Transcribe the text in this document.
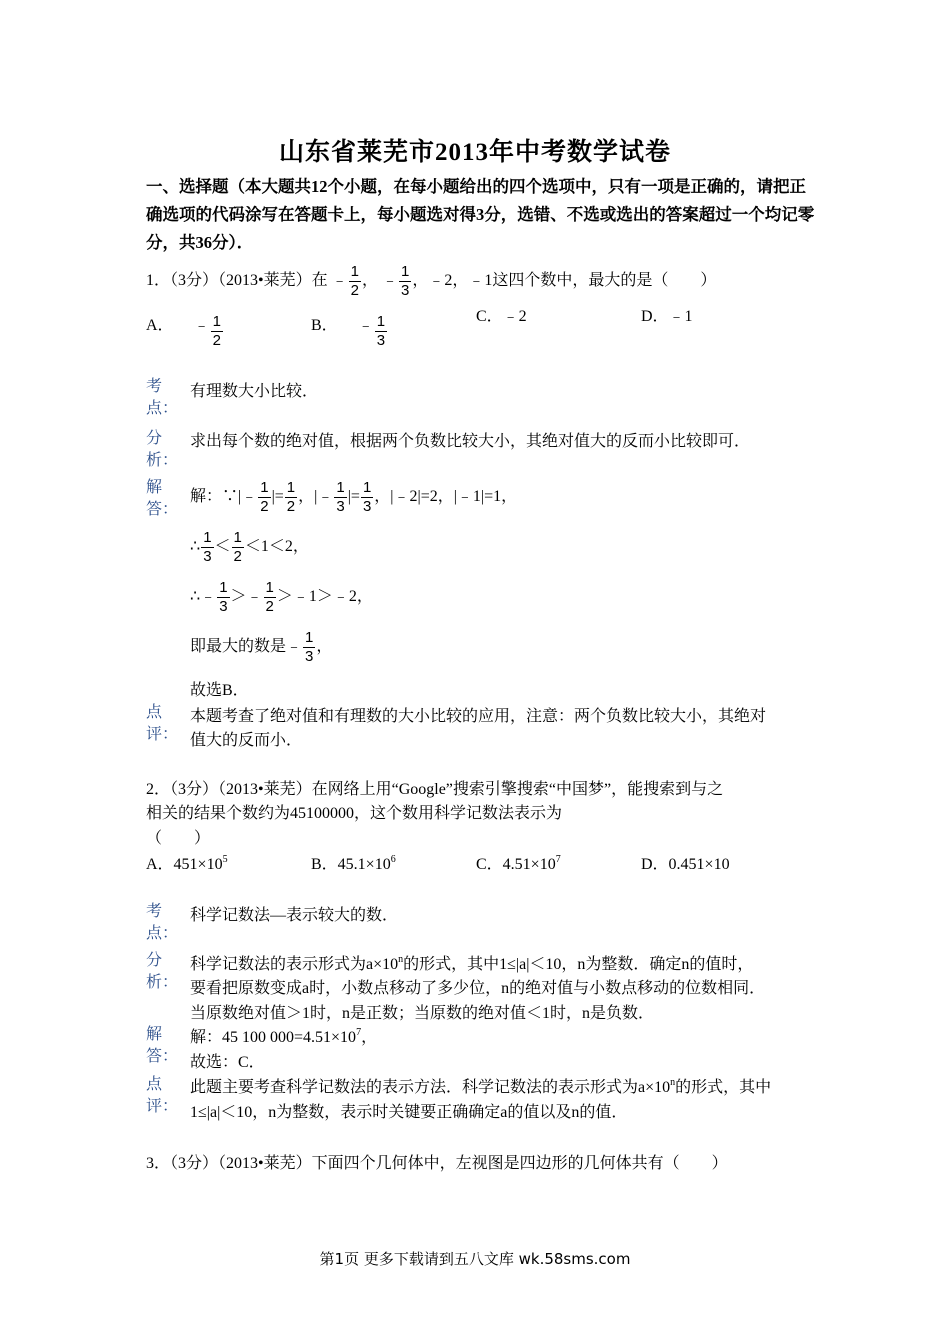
山东省莱芜市2013年中考数学试卷
一、选择题（本大题共12个小题，在每小题给出的四个选项中，只有一项是正确的，请把正确选项的代码涂写在答题卡上，每小题选对得3分，选错、不选或选出的答案超过一个均记零分，共36分）．
1．（3分）（2013•莱芜）在 ﹣ $\frac{1}{2}$ ， ﹣ $\frac{1}{3}$ ，﹣2，﹣1这四个数中，最大的是（　　）
A． ﹣ $\frac{1}{2}$	B． ﹣ $\frac{1}{3}$	C．﹣2	D．﹣1
考点：
有理数大小比较．
分析：
求出每个数的绝对值，根据两个负数比较大小，其绝对值大的反而小比较即可．
解答：
解：∵|﹣ $\frac{1}{2}$ |= $\frac{1}{2}$ ，|﹣ $\frac{1}{3}$ |= $\frac{1}{3}$ ，|﹣2|=2，|﹣1|=1，
∴ $\frac{1}{3} < \frac{1}{2} <1<2$，
∴﹣ $\frac{1}{3}$ ＞﹣ $\frac{1}{2}$ ＞﹣1＞﹣2，
即最大的数是﹣ $\frac{1}{3}$ ，
故选B．
点评：
本题考查了绝对值和有理数的大小比较的应用，注意：两个负数比较大小，其绝对
值大的反而小．
2．（3分）（2013•莱芜）在网络上用“Google”搜索引擎搜索“中国梦”，能搜索到与之
相关的结果个数约为45100000，这个数用科学记数法表示为
（　　）
A．$451\times 10^5$	B．$45.1\times 10^6$	C．$4.51\times 10^7$	D．0.451×10
考点：
科学记数法—表示较大的数．
分析：
科学记数法的表示形式为$a\times 10^n$的形式，其中1≤|a|＜10，n为整数．确定n的值时，
要看把原数变成a时，小数点移动了多少位，n的绝对值与小数点移动的位数相同．
当原数绝对值＞1时，n是正数；当原数的绝对值＜1时，n是负数．
解答：
解：45 100 $000=4.51\times 10^7$，
故选：C．
点评：
此题主要考查科学记数法的表示方法．科学记数法的表示形式为$a\times 10^n$的形式，其中
1≤|a|＜10，n为整数，表示时关键要正确确定a的值以及n的值．
3．（3分）（2013•莱芜）下面四个几何体中，左视图是四边形的几何体共有（　　）
第1页 更多下载请到五八文库 wk.58sms.com
